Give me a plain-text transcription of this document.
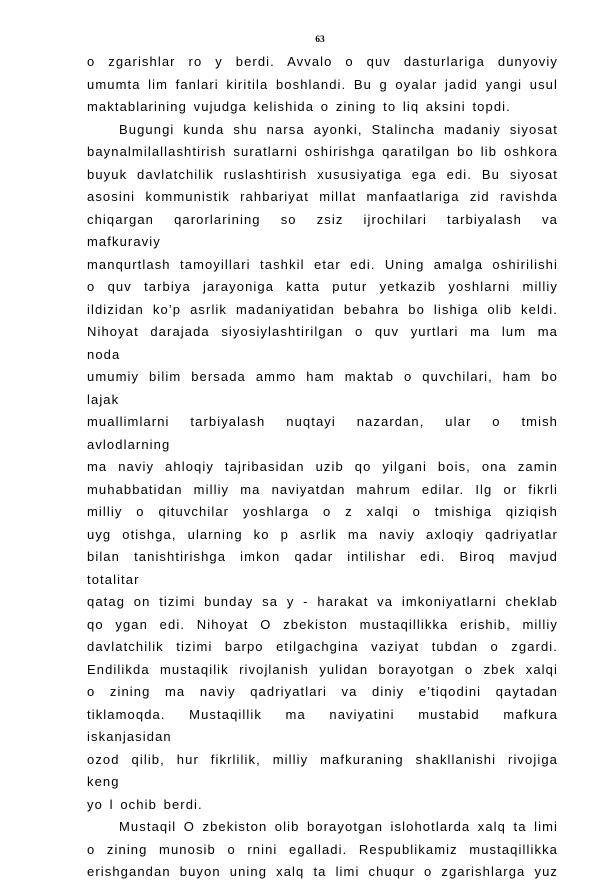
63
o zgarishlar ro y berdi. Avvalo o quv dasturlariga dunyoviy
umumta lim fanlari kiritila boshlandi. Bu g oyalar jadid yangi usul
maktablarining vujudga kelishida o zining to liq aksini topdi.
Bugungi kunda shu narsa ayonki, Stalincha madaniy siyosat
baynalmilallashtirish suratlarni oshirishga qaratilgan bo lib oshkora
buyuk davlatchilik ruslashtirish xususiyatiga ega edi. Bu siyosat
asosini kommunistik rahbariyat millat manfaatlariga zid ravishda
chiqargan qarorlarining so zsiz ijrochilari tarbiyalash va mafkuraviy
manqurtlash tamoyillari tashkil etar edi. Uning amalga oshirilishi
o quv tarbiya jarayoniga katta putur yetkazib yoshlarni milliy
ildizidan ko’p asrlik madaniyatidan bebahra bo lishiga olib keldi.
Nihoyat darajada siyosiylashtirilgan o quv yurtlari ma lum ma noda
umumiy bilim bersada ammo ham maktab o quvchilari, ham bo lajak
muallimlarni tarbiyalash nuqtayi nazardan, ular o tmish avlodlarning
ma naviy ahloqiy tajribasidan uzib qo yilgani bois, ona zamin
muhabbatidan milliy ma naviyatdan mahrum edilar. Ilg or fikrli
milliy o qituvchilar yoshlarga o z xalqi o tmishiga qiziqish
uyg otishga, ularning ko p asrlik ma naviy axloqiy qadriyatlar
bilan tanishtirishga imkon qadar intilishar edi. Biroq mavjud totalitar
qatag on tizimi bunday sa y - harakat va imkoniyatlarni cheklab
qo ygan edi. Nihoyat O zbekiston mustaqillikka erishib, milliy
davlatchilik tizimi barpo etilgachgina vaziyat tubdan o zgardi.
Endilikda mustaqilik rivojlanish yulidan borayotgan o zbek xalqi
o zining ma naviy qadriyatlari va diniy e’tiqodini qaytadan
tiklamoqda. Mustaqillik ma naviyatini mustabid mafkura iskanjasidan
ozod qilib, hur fikrlilik, milliy mafkuraning shakllanishi rivojiga keng
yo l ochib berdi.
Mustaqil O zbekiston olib borayotgan islohotlarda xalq ta limi
o zining munosib o rnini egalladi. Respublikamiz mustaqillikka
erishgandan buyon uning xalq ta limi chuqur o zgarishlarga yuz
